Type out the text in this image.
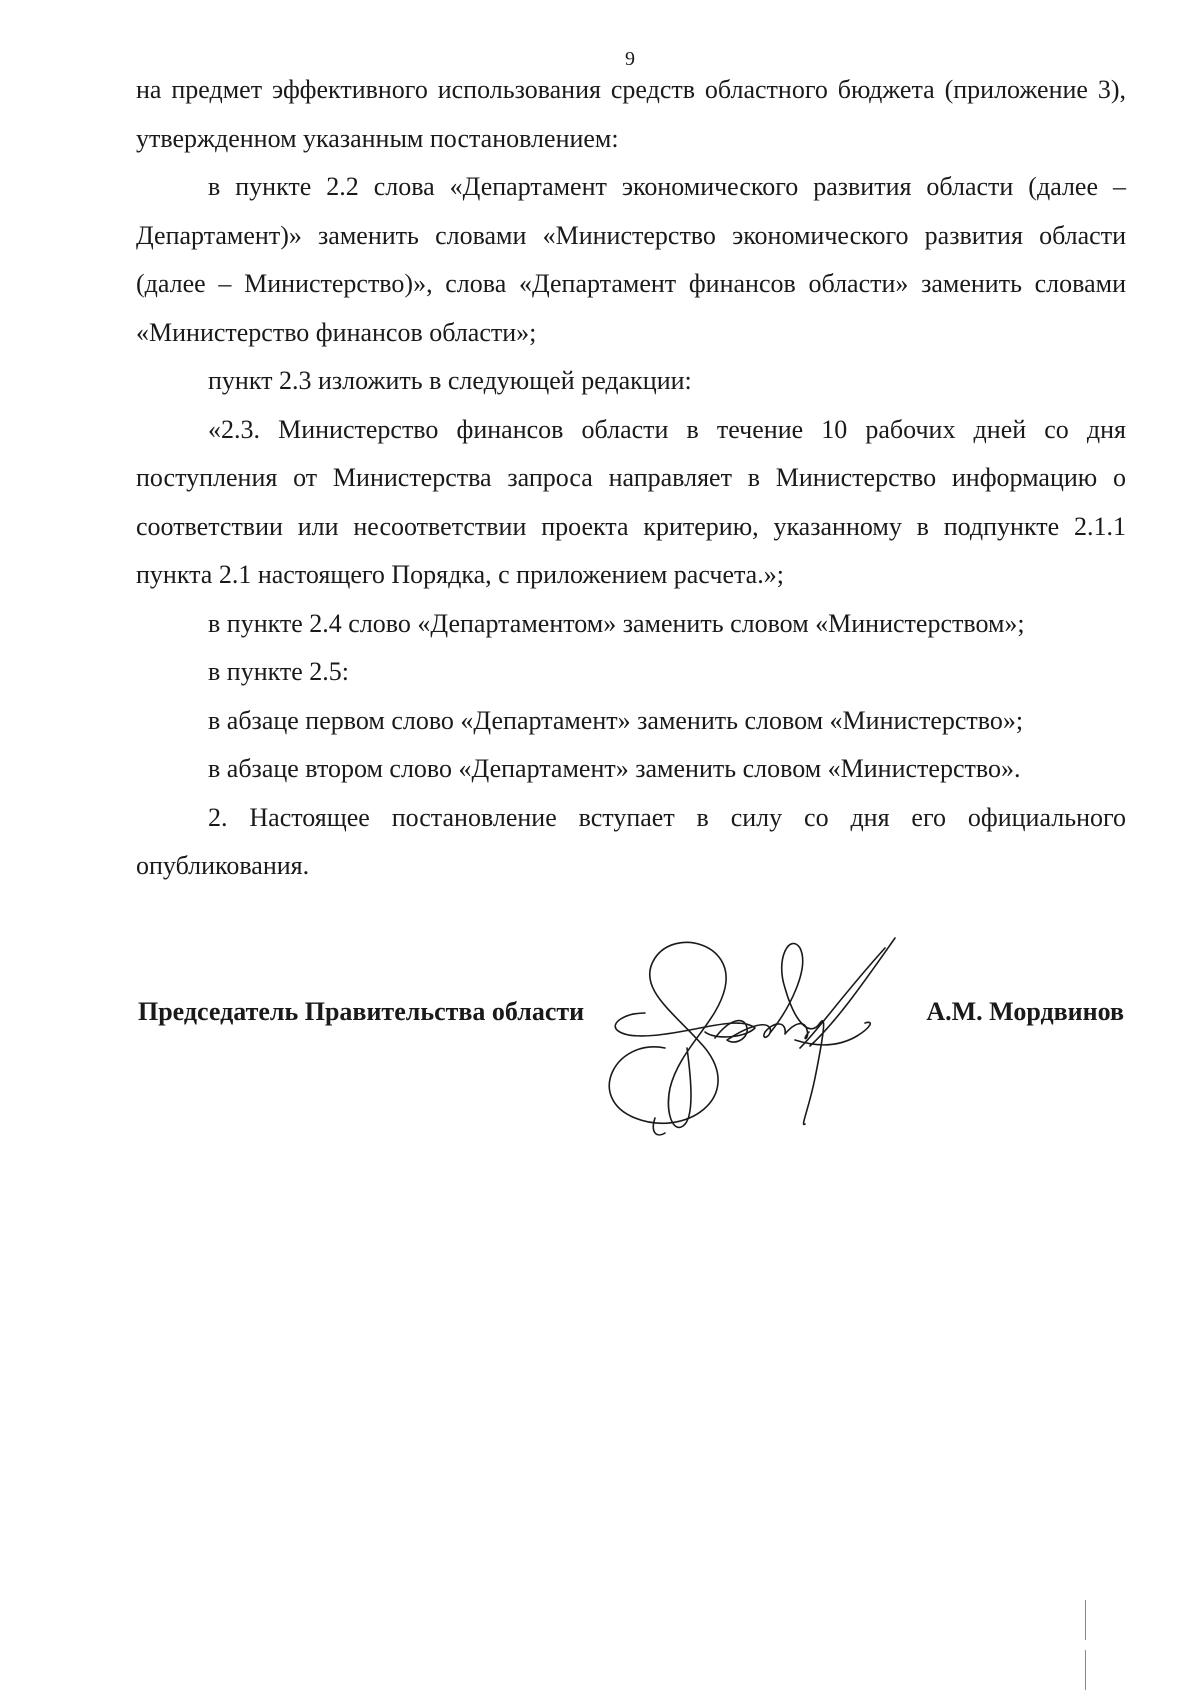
9

на предмет эффективного использования средств областного бюджета (приложение 3), утвержденном указанным постановлением:

в пункте 2.2 слова «Департамент экономического развития области (далее – Департамент)» заменить словами «Министерство экономического развития области (далее – Министерство)», слова «Департамент финансов области» заменить словами «Министерство финансов области»;

пункт 2.3 изложить в следующей редакции:

«2.3. Министерство финансов области в течение 10 рабочих дней со дня поступления от Министерства запроса направляет в Министерство информацию о соответствии или несоответствии проекта критерию, указанному в подпункте 2.1.1 пункта 2.1 настоящего Порядка, с приложением расчета.»;

в пункте 2.4 слово «Департаментом» заменить словом «Министерством»;

в пункте 2.5:

в абзаце первом слово «Департамент» заменить словом «Министерство»;

в абзаце втором слово «Департамент» заменить словом «Министерство».

2. Настоящее постановление вступает в силу со дня его официального опубликования.

Председатель Правительства области	А.М. Мордвинов
